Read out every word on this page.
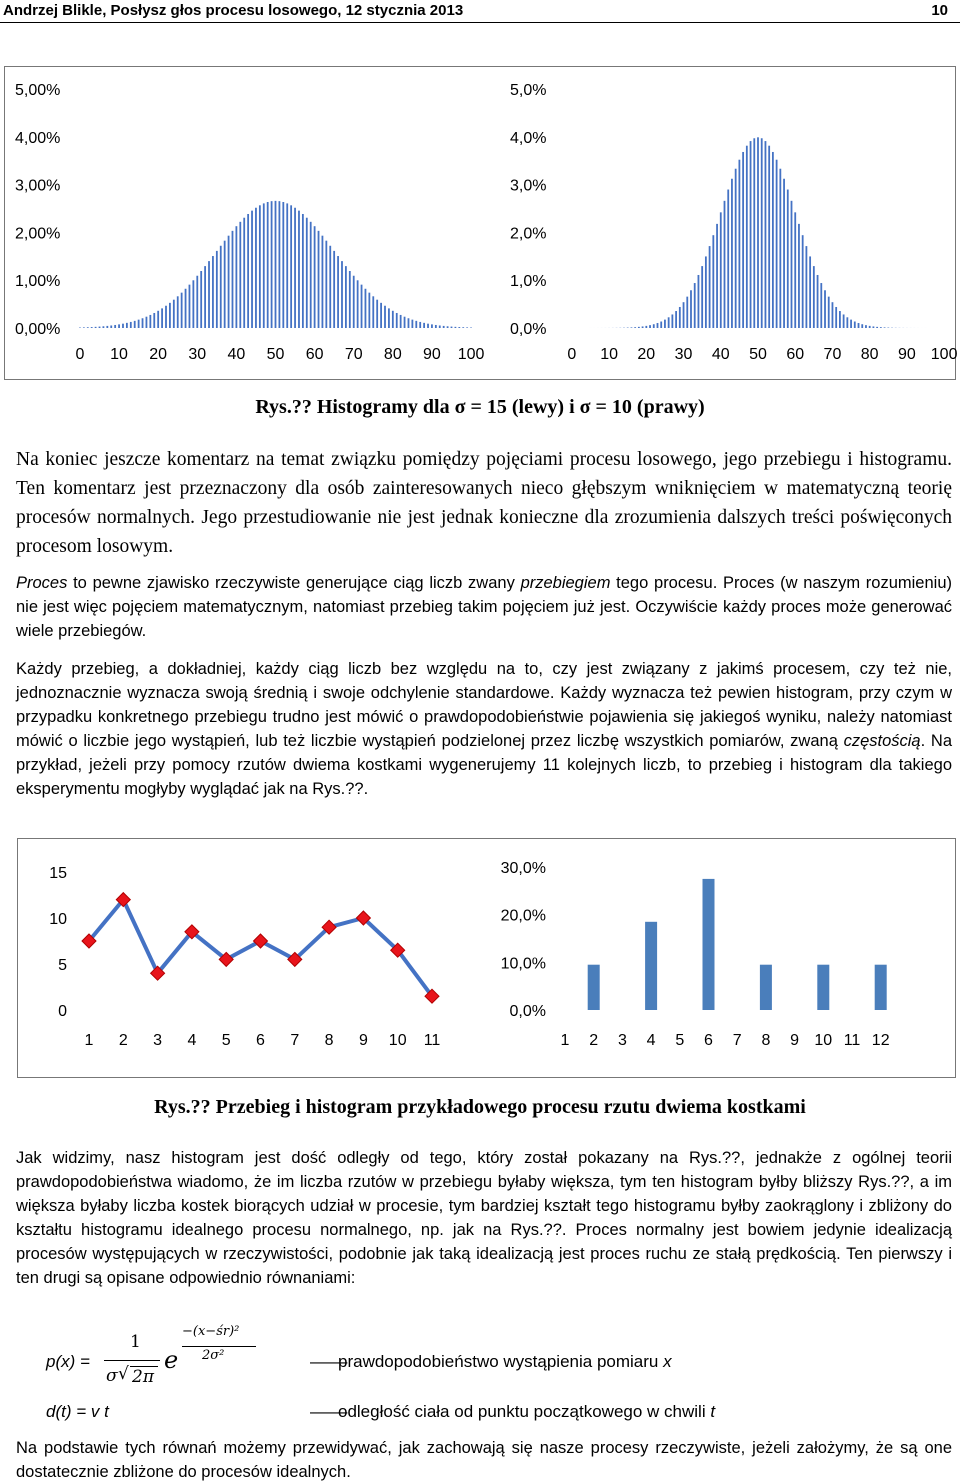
Andrzej Blikle, Posłysz głos procesu losowego, 12 stycznia 2013	10
0,00%
1,00%
2,00%
3,00%
4,00%
5,00%
0 10 20 30 40 50 60 70 80 90 100
0,0%
1,0%
2,0%
3,0%
4,0%
5,0%
0 10 20 30 40 50 60 70 80 90 100
Rys.?? Histogramy dla σ = 15 (lewy) i σ = 10 (prawy)
Na koniec jeszcze komentarz na temat związku pomiędzy pojęciami procesu losowego, jego przebiegu i histogramu. Ten komentarz jest przeznaczony dla osób zainteresowanych nieco głębszym wniknięciem w matematyczną teorię procesów normalnych. Jego przestudiowanie nie jest jednak konieczne dla zrozumienia dalszych treści poświęconych procesom losowym.
Proces to pewne zjawisko rzeczywiste generujące ciąg liczb zwany przebiegiem tego procesu. Proces (w naszym rozumieniu) nie jest więc pojęciem matematycznym, natomiast przebieg takim pojęciem już jest. Oczywiście każdy proces może generować wiele przebiegów.
Każdy przebieg, a dokładniej, każdy ciąg liczb bez względu na to, czy jest związany z jakimś procesem, czy też nie, jednoznacznie wyznacza swoją średnią i swoje odchylenie standardowe. Każdy wyznacza też pewien histogram, przy czym w przypadku konkretnego przebiegu trudno jest mówić o prawdopodobieństwie pojawienia się jakiegoś wyniku, należy natomiast mówić o liczbie jego wystąpień, lub też liczbie wystąpień podzielonej przez liczbę wszystkich pomiarów, zwaną częstością. Na przykład, jeżeli przy pomocy rzutów dwiema kostkami wygenerujemy 11 kolejnych liczb, to przebieg i histogram dla takiego eksperymentu mogłyby wyglądać jak na Rys.??.
0
5
10
15
1 2 3 4 5 6 7 8 9 10 11
0,0%
10,0%
20,0%
30,0%
1 2 3 4 5 6 7 8 9 10 11 12
Rys.?? Przebieg i histogram przykładowego procesu rzutu dwiema kostkami
Jak widzimy, nasz histogram jest dość odległy od tego, który został pokazany na Rys.??, jednakże z ogólnej teorii prawdopodobieństwa wiadomo, że im liczba rzutów w przebiegu byłaby większa, tym ten histogram byłby bliższy Rys.??, a im większa byłaby liczba kostek biorących udział w procesie, tym bardziej kształt tego histogramu byłby zaokrąglony i zbliżony do kształtu histogramu idealnego procesu normalnego, np. jak na Rys.??. Proces normalny jest bowiem jedynie idealizacją procesów występujących w rzeczywistości, podobnie jak taką idealizacją jest proces ruchu ze stałą prędkością. Ten pierwszy i ten drugi są opisane odpowiednio równaniami:
p(x) =
1
σ √ 2π
e
−(x−śr)²
2σ²	—
prawdopodobieństwo wystąpienia pomiaru x
d(t) = v t	—
odległość ciała od punktu początkowego w chwili t
Na podstawie tych równań możemy przewidywać, jak zachowają się nasze procesy rzeczywiste, jeżeli założymy, że są one dostatecznie zbliżone do procesów idealnych.
